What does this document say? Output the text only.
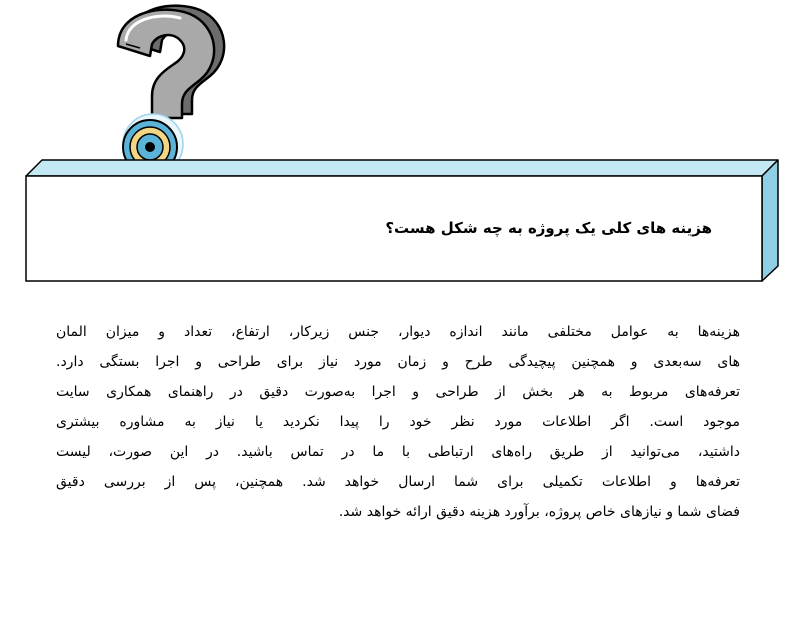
هزینه های کلی یک پروژه به چه شکل هست؟
هزینه‌ها به عوامل مختلفی مانند اندازه دیوار، جنس زیرکار، ارتفاع، تعداد و میزان المان
های سه‌بعدی و همچنین پیچیدگی طرح و زمان مورد نیاز برای طراحی و اجرا بستگی دارد.
تعرفه‌های مربوط به هر بخش از طراحی و اجرا به‌صورت دقیق در راهنمای همکاری سایت
موجود است. اگر اطلاعات مورد نظر خود را پیدا نکردید یا نیاز به مشاوره بیشتری
داشتید، می‌توانید از طریق راه‌های ارتباطی با ما در تماس باشید. در این صورت، لیست
تعرفه‌ها و اطلاعات تکمیلی برای شما ارسال خواهد شد. همچنین، پس از بررسی دقیق
فضای شما و نیازهای خاص پروژه، برآورد هزینه دقیق ارائه خواهد شد.
